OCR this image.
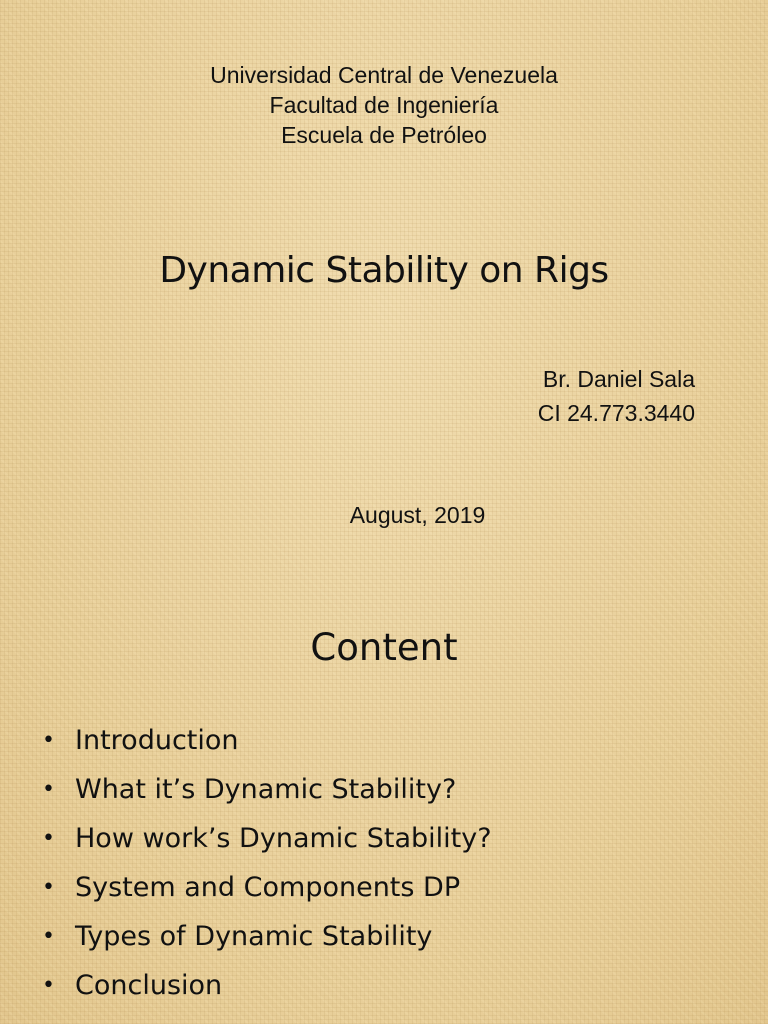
Universidad Central de Venezuela
Facultad de Ingeniería
Escuela de Petróleo
Dynamic Stability on Rigs
Br. Daniel Sala
CI 24.773.3440
August, 2019
Content
• Introduction
• What it’s Dynamic Stability?
• How work’s Dynamic Stability?
• System and Components DP
• Types of Dynamic Stability
• Conclusion
